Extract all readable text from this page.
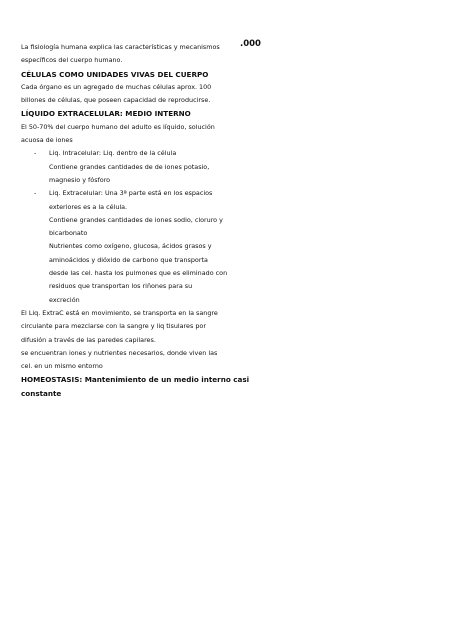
.000
La fisiología humana explica las características y mecanismos
específicos del cuerpo humano.
CÉLULAS COMO UNIDADES VIVAS DEL CUERPO
Cada órgano es un agregado de muchas células aprox. 100
billones de células, que poseen capacidad de reproducirse.
LÍQUIDO EXTRACELULAR: MEDIO INTERNO
El 50-70% del cuerpo humano del adulto es líquido, solución
acuosa de iones
- Liq. Intracelular: Liq. dentro de la célula
Contiene grandes cantidades de de iones potasio,
magnesio y fósforo
- Liq. Extracelular: Una 3ª parte está en los espacios
exteriores es a la célula.
Contiene grandes cantidades de iones sodio, cloruro y
bicarbonato
Nutrientes como oxígeno, glucosa, ácidos grasos y
aminoácidos y dióxido de carbono que transporta
desde las cel. hasta los pulmones que es eliminado con
residuos que transportan los riñones para su
excreción
El Liq. ExtraC está en movimiento, se transporta en la sangre
circulante para mezclarse con la sangre y liq tisulares por
difusión a través de las paredes capilares.
se encuentran iones y nutrientes necesarios, donde viven las
cel. en un mismo entorno
HOMEOSTASIS: Mantenimiento de un medio interno casi
constante
